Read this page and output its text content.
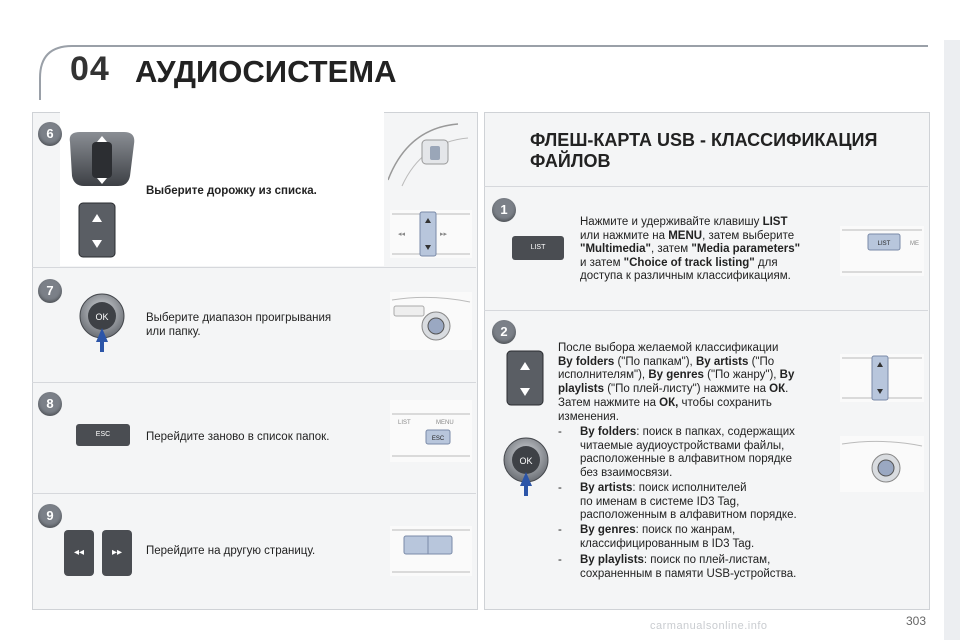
04 АУДИОСИСТЕМА
6
Выберите дорожку из списка.
◂◂	▸▸
7
OK	Выберите диапазон проигрывания
или папку.
8
ESC	Перейдите заново в список папок.
LIST	MENU
ESC
9
◂◂	▸▸	Перейдите на другую страницу.
ФЛЕШ-КАРТА USB - КЛАССИФИКАЦИЯ
ФАЙЛОВ
1
LIST
Нажмите и удерживайте клавишу LIST
или нажмите на MENU, затем выберите
"Multimedia", затем "Media parameters"
и затем "Choice of track listing" для
доступа к различным классификациям.
LIST	ME
2
OK
После выбора желаемой классификации
By folders ("По папкам"), By artists ("По
исполнителям"), By genres ("По жанру"), By
playlists ("По плей-листу") нажмите на ОК.
Затем нажмите на ОК, чтобы сохранить
изменения.
- By folders: поиск в папках, содержащих
читаемые аудиоустройствами файлы,
расположенные в алфавитном порядке
без взаимосвязи.
- By artists: поиск исполнителей
по именам в системе ID3 Tag,
расположенным в алфавитном порядке.
- By genres: поиск по жанрам,
классифицированным в ID3 Tag.
- By playlists: поиск по плей-листам,
сохраненным в памяти USB-устройства.
carmanualsonline.info	303
